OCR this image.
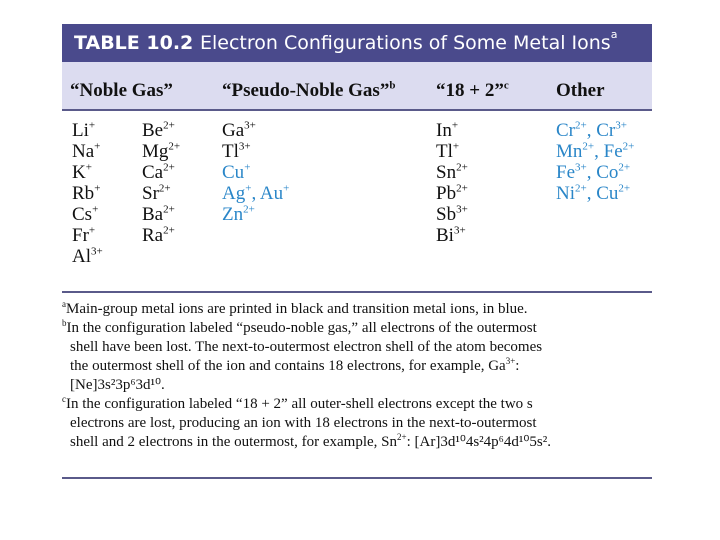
TABLE 10.2 Electron Configurations of Some Metal Ions$^a$
“Noble Gas”	“Pseudo-Noble Gas”$^b$ “18 + 2”$^c$ Other
Li+
Na+
K+
Rb+
Cs+
Fr+
$Al^{3+}$
$Be^{2+}$
$Mg^{2+}$
$Ca^{2+}$
$Sr^{2+}$
$Ba^{2+}$
$Ra^{2+}$
$Ga^{3+}$
$Tl^{3+}$
Cu+
Ag+, Au+
$Zn^{2+}$
In+
Tl+
$Sn^{2+}$
$Pb^{2+}$
$Sb^{3+}$
$Bi^{3+}$
$Cr^{2+}$, $Cr^{3+}$
$Mn^{2+}$, $Fe^{2+}$
$Fe^{3+}$, $Co^{2+}$
$Ni^{2+}$, $Cu^{2+}$

$^a$Main-group metal ions are printed in black and transition metal ions, in blue.

$^b$In the configuration labeled “pseudo-noble gas,” all electrons of the outermost

shell have been lost. The next-to-outermost electron shell of the atom becomes

the outermost shell of the ion and contains 18 electrons, for example, $Ga^{3+}$:

[Ne]3s²3p⁶3d¹⁰.

$^c$In the configuration labeled “18 + 2” all outer-shell electrons except the two s

electrons are lost, producing an ion with 18 electrons in the next-to-outermost

shell and 2 electrons in the outermost, for example, $Sn^{2+}$: [Ar]3d¹⁰4s²4p⁶4d¹⁰5s².
